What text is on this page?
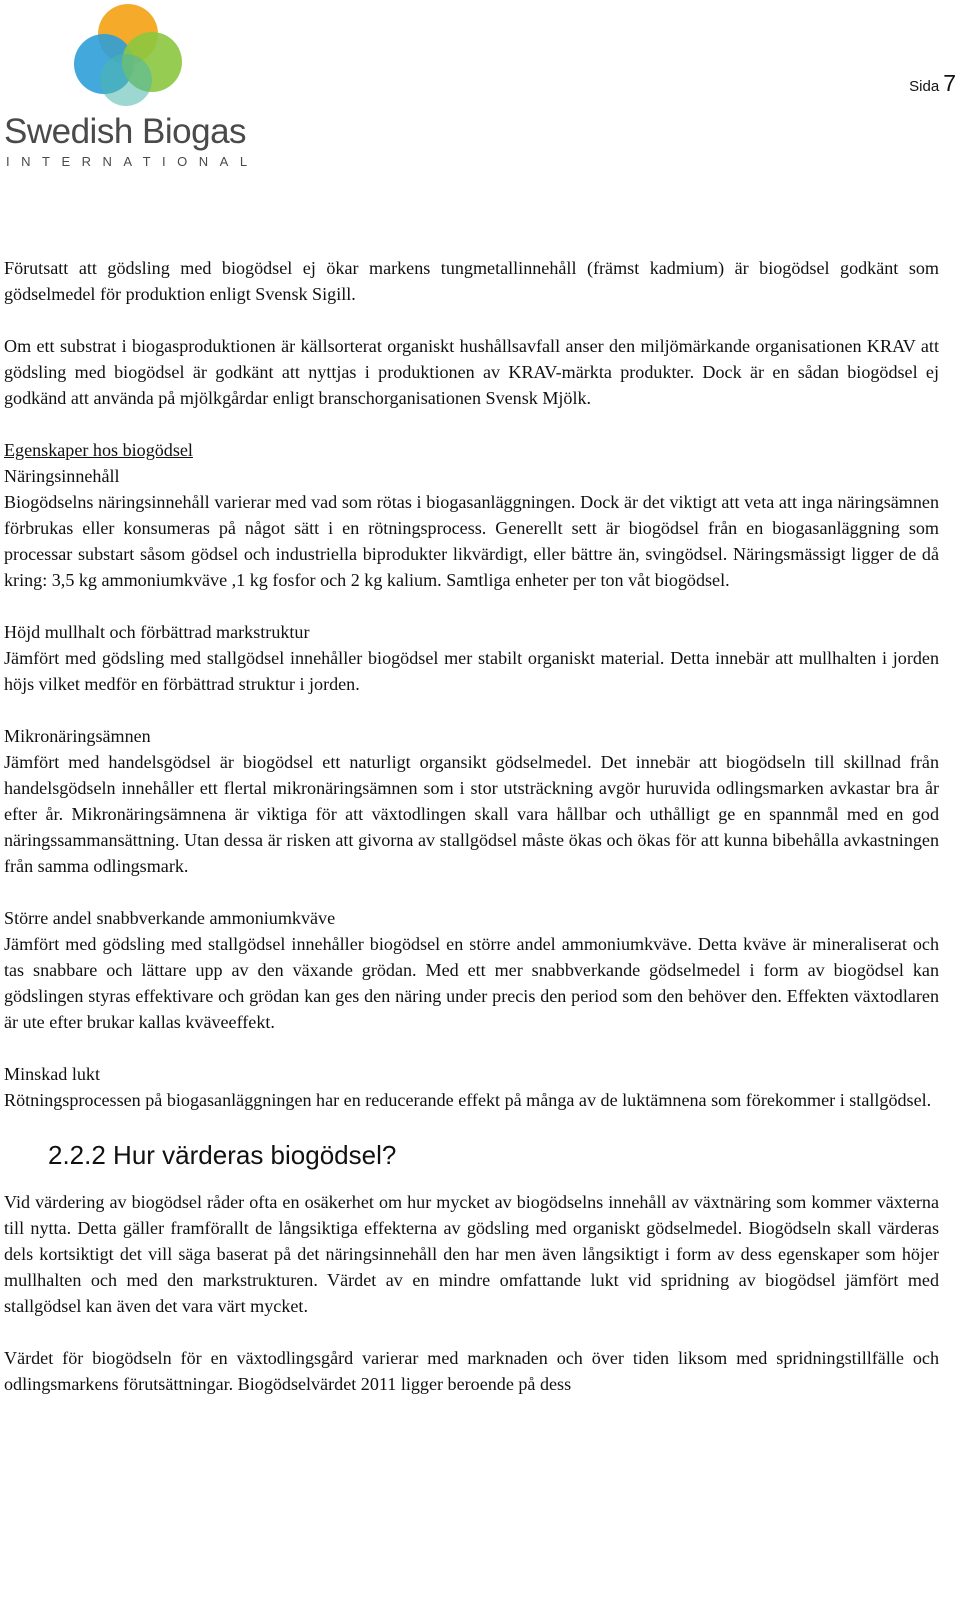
Swedish Biogas
INTERNATIONAL
Sida 7

Förutsatt att gödsling med biogödsel ej ökar markens tungmetallinnehåll (främst kadmium) är biogödsel godkänt som gödselmedel för produktion enligt Svensk Sigill.

Om ett substrat i biogasproduktionen är källsorterat organiskt hushållsavfall anser den miljömärkande organisationen KRAV att gödsling med biogödsel är godkänt att nyttjas i produktionen av KRAV-märkta produkter. Dock är en sådan biogödsel ej godkänd att använda på mjölkgårdar enligt branschorganisationen Svensk Mjölk.

Egenskaper hos biogödsel

Näringsinnehåll

Biogödselns näringsinnehåll varierar med vad som rötas i biogasanläggningen. Dock är det viktigt att veta att inga näringsämnen förbrukas eller konsumeras på något sätt i en rötningsprocess. Generellt sett är biogödsel från en biogasanläggning som processar substart såsom gödsel och industriella biprodukter likvärdigt, eller bättre än, svingödsel. Näringsmässigt ligger de då kring: 3,5 kg ammoniumkväve ,1 kg fosfor och 2 kg kalium. Samtliga enheter per ton våt biogödsel.

Höjd mullhalt och förbättrad markstruktur

Jämfört med gödsling med stallgödsel innehåller biogödsel mer stabilt organiskt material. Detta innebär att mullhalten i jorden höjs vilket medför en förbättrad struktur i jorden.

Mikronäringsämnen

Jämfört med handelsgödsel är biogödsel ett naturligt organsikt gödselmedel. Det innebär att biogödseln till skillnad från handelsgödseln innehåller ett flertal mikronäringsämnen som i stor utsträckning avgör huruvida odlingsmarken avkastar bra år efter år. Mikronäringsämnena är viktiga för att växtodlingen skall vara hållbar och uthålligt ge en spannmål med en god näringssammansättning. Utan dessa är risken att givorna av stallgödsel måste ökas och ökas för att kunna bibehålla avkastningen från samma odlingsmark.

Större andel snabbverkande ammoniumkväve

Jämfört med gödsling med stallgödsel innehåller biogödsel en större andel ammoniumkväve. Detta kväve är mineraliserat och tas snabbare och lättare upp av den växande grödan. Med ett mer snabbverkande gödselmedel i form av biogödsel kan gödslingen styras effektivare och grödan kan ges den näring under precis den period som den behöver den. Effekten växtodlaren är ute efter brukar kallas kväveeffekt.

Minskad lukt

Rötningsprocessen på biogasanläggningen har en reducerande effekt på många av de luktämnena som förekommer i stallgödsel.

2.2.2 Hur värderas biogödsel?

Vid värdering av biogödsel råder ofta en osäkerhet om hur mycket av biogödselns innehåll av växtnäring som kommer växterna till nytta. Detta gäller framförallt de långsiktiga effekterna av gödsling med organiskt gödselmedel. Biogödseln skall värderas dels kortsiktigt det vill säga baserat på det näringsinnehåll den har men även långsiktigt i form av dess egenskaper som höjer mullhalten och med den markstrukturen. Värdet av en mindre omfattande lukt vid spridning av biogödsel jämfört med stallgödsel kan även det vara värt mycket.

Värdet för biogödseln för en växtodlingsgård varierar med marknaden och över tiden liksom med spridningstillfälle och odlingsmarkens förutsättningar. Biogödselvärdet 2011 ligger beroende på dess
